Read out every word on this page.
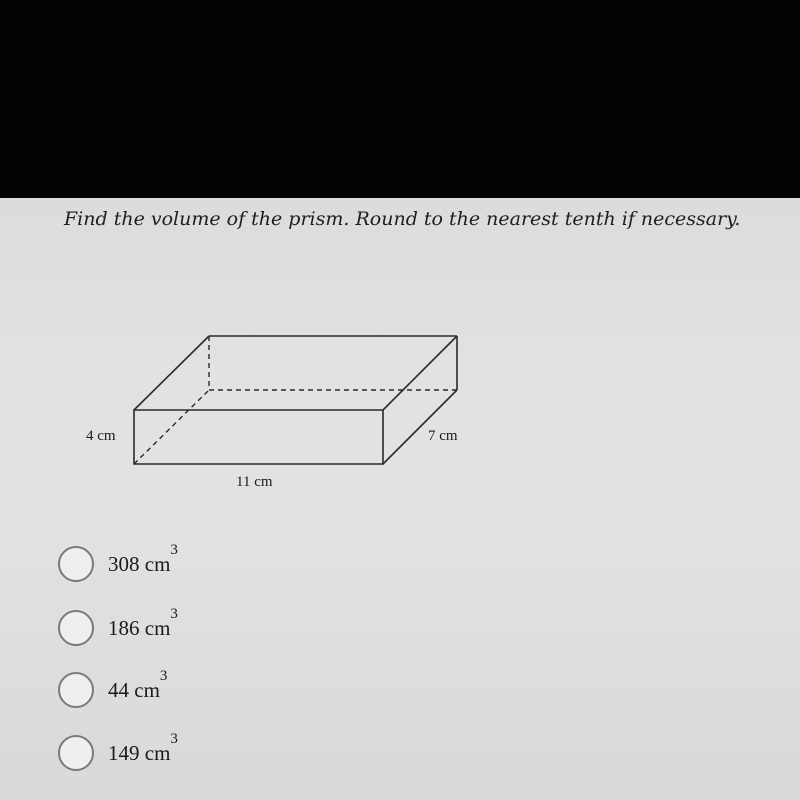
Find the volume of the prism. Round to the nearest tenth if necessary.

4 cm	7 cm
11 cm
308 cm
$^3$
186 cm
$^3$
44 cm
$^3$
149 cm
$^3$
